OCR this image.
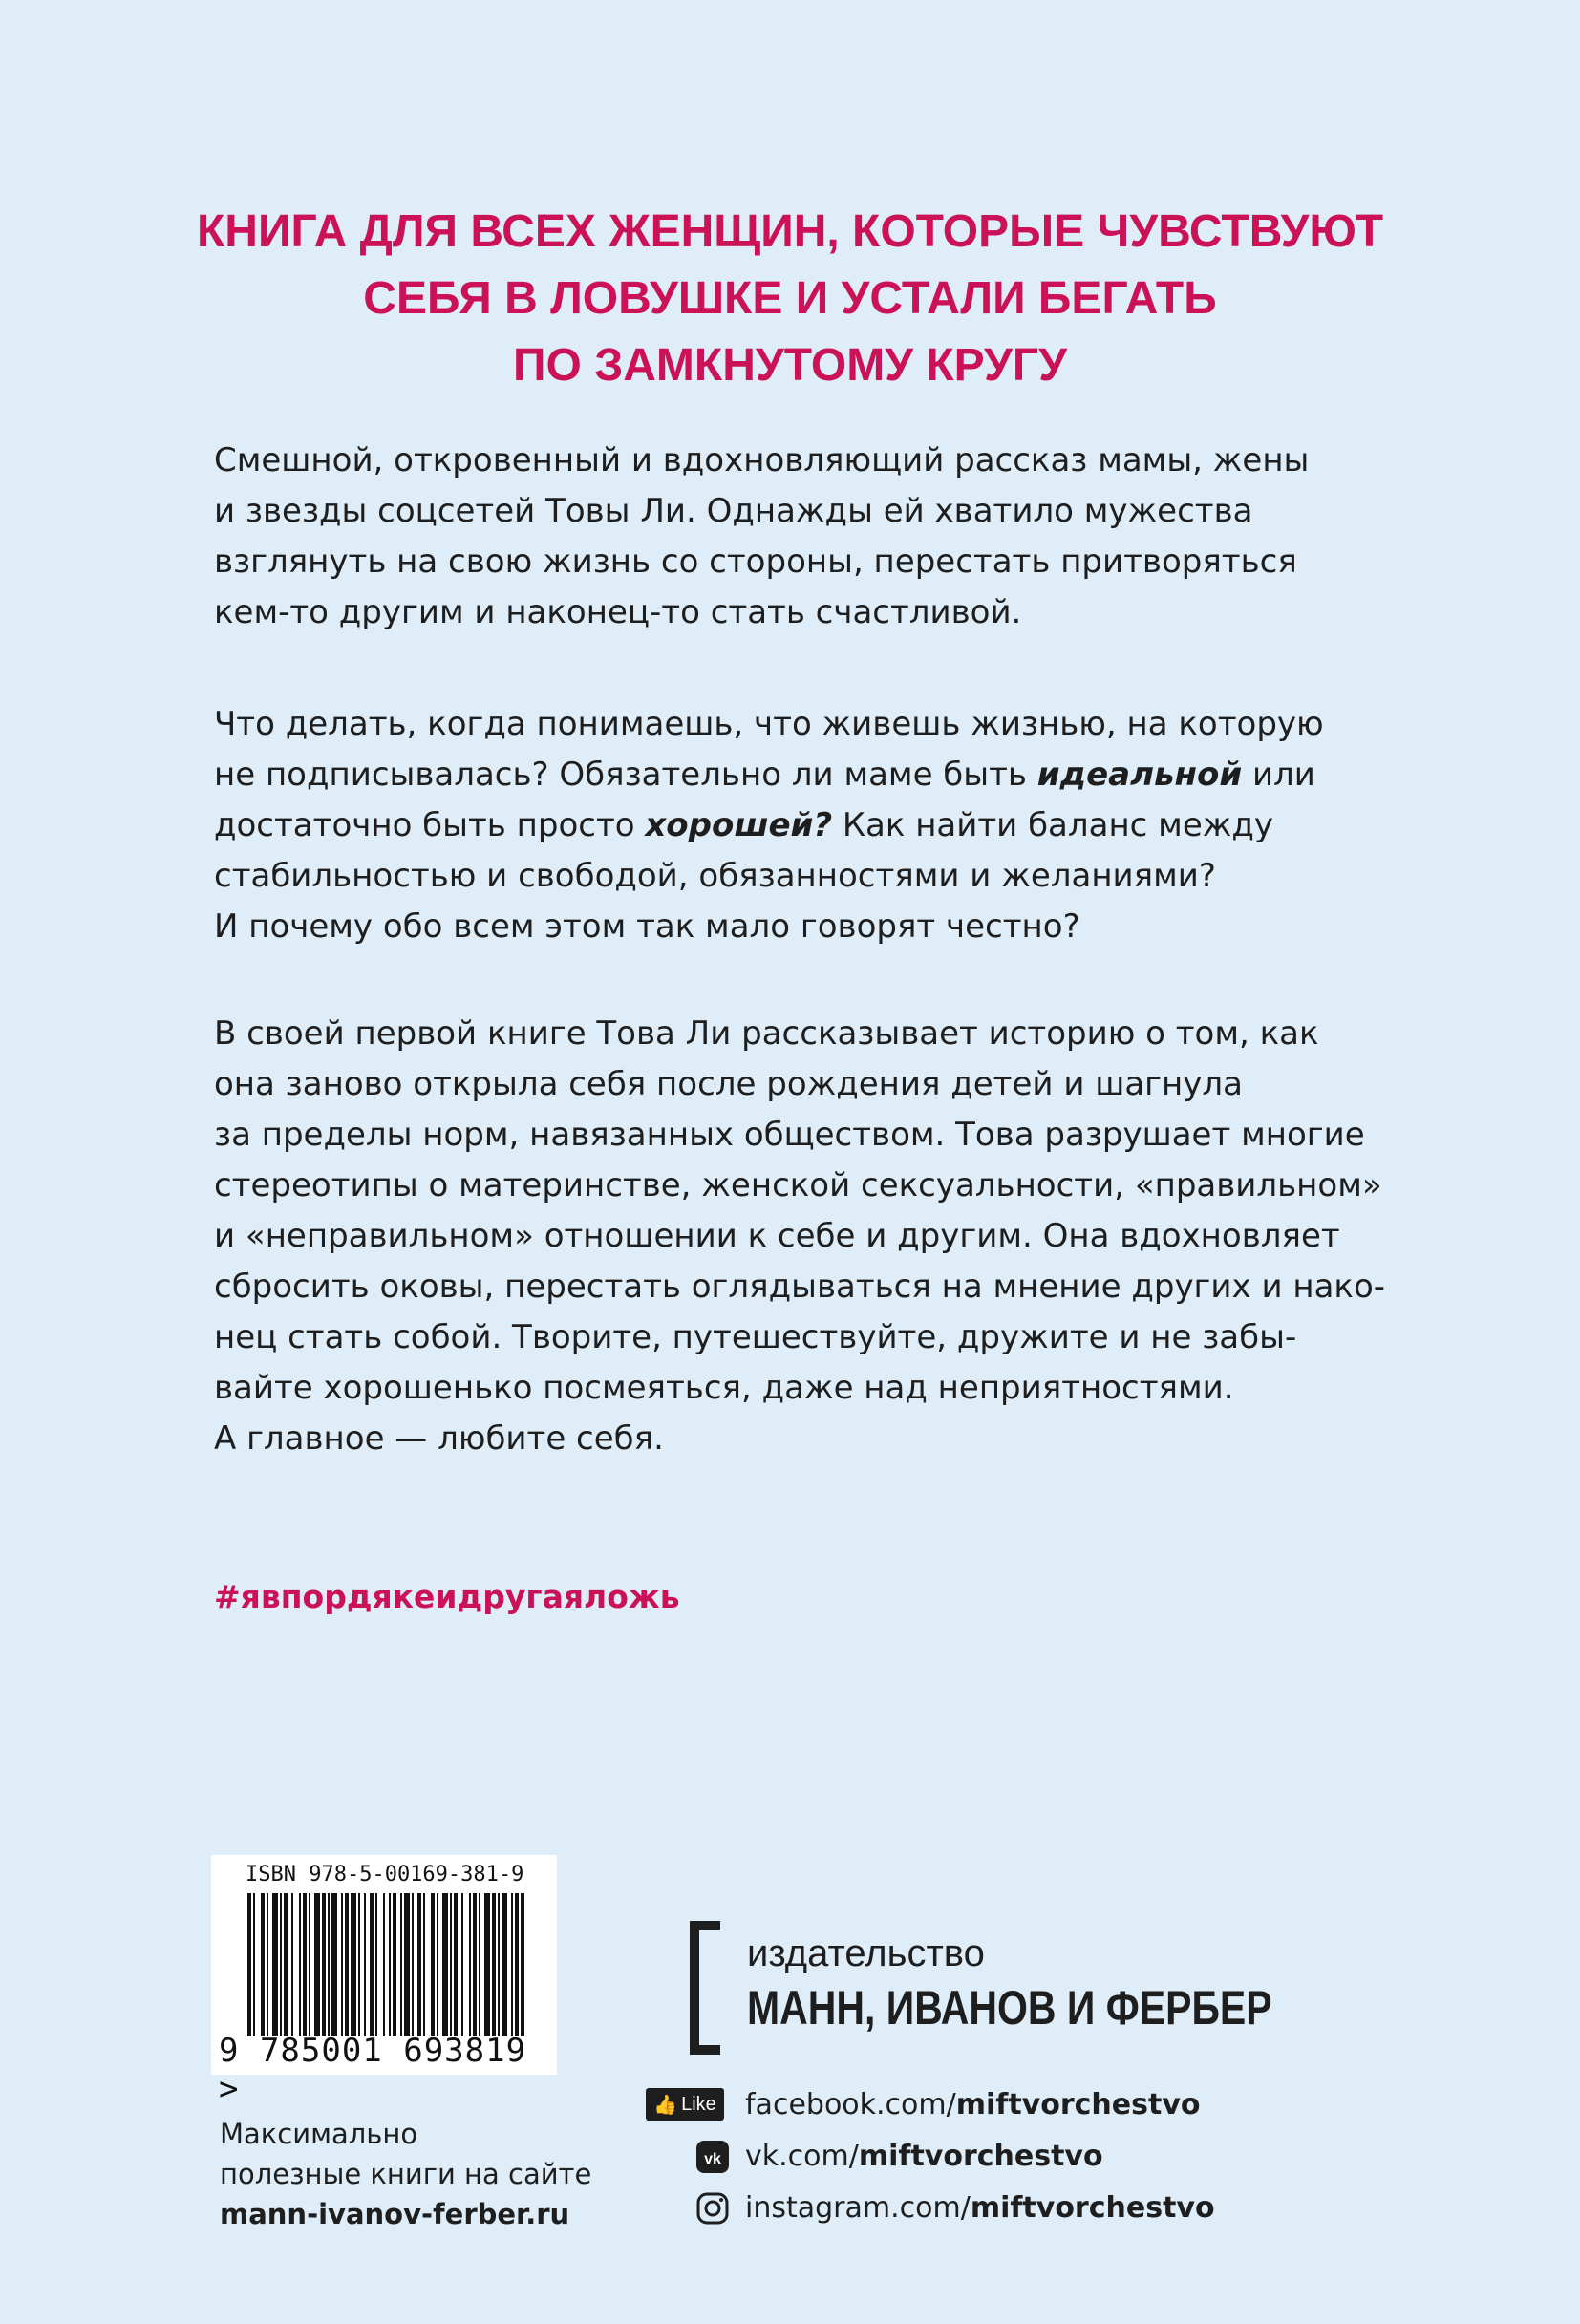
КНИГА ДЛЯ ВСЕХ ЖЕНЩИН, КОТОРЫЕ ЧУВСТВУЮТ
СЕБЯ В ЛОВУШКЕ И УСТАЛИ БЕГАТЬ
ПО ЗАМКНУТОМУ КРУГУ
Смешной, откровенный и вдохновляющий рассказ мамы, жены
и звезды соцсетей Товы Ли. Однажды ей хватило мужества
взглянуть на свою жизнь со стороны, перестать притворяться
кем-то другим и наконец-то стать счастливой.
Что делать, когда понимаешь, что живешь жизнью, на которую
не подписывалась? Обязательно ли маме быть идеальной или
достаточно быть просто хорошей? Как найти баланс между
стабильностью и свободой, обязанностями и желаниями?
И почему обо всем этом так мало говорят честно?
В своей первой книге Това Ли рассказывает историю о том, как
она заново открыла себя после рождения детей и шагнула
за пределы норм, навязанных обществом. Това разрушает многие
стереотипы о материнстве, женской сексуальности, «правильном»
и «неправильном» отношении к себе и другим. Она вдохновляет
сбросить оковы, перестать оглядываться на мнение других и нако-
нец стать собой. Творите, путешествуйте, дружите и не забы-
вайте хорошенько посмеяться, даже над неприятностями.
А главное — любите себя.

#явпордякеидругаяложь

ISBN 978-5-00169-381-9
9 785001 693819 >
издательство
МАНН, ИВАНОВ И ФЕРБЕР
Максимально
полезные книги на сайте
mann-ivanov-ferber.ru
👍 Like facebook.com/miftvorchestvo
vk vk.com/miftvorchestvo
instagram.com/miftvorchestvo
